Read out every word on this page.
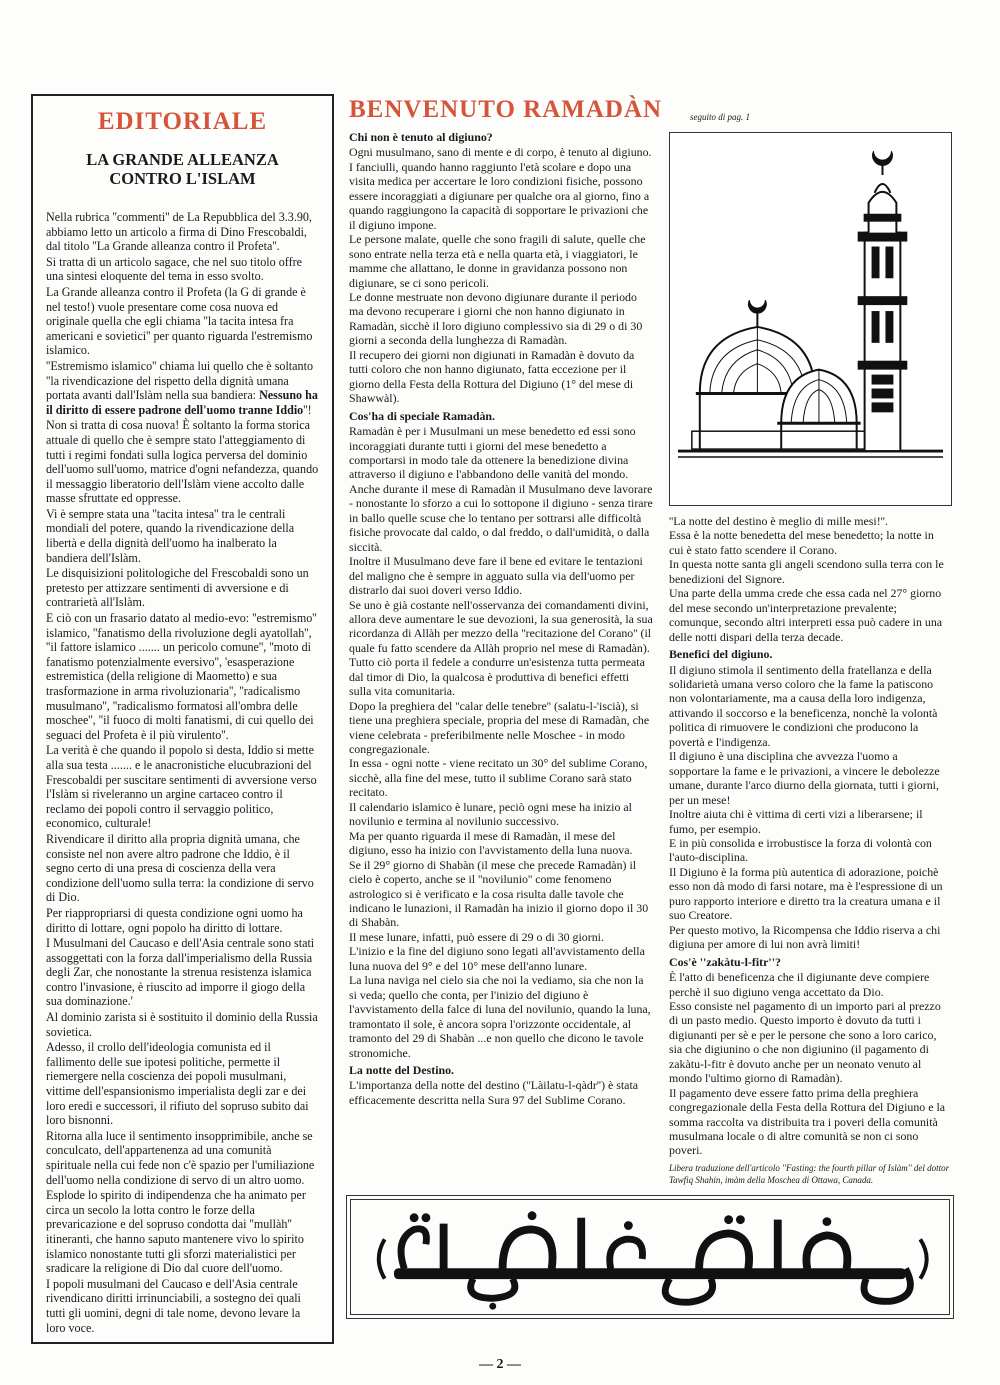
EDITORIALE
LA GRANDE ALLEANZA
CONTRO L'ISLAM

Nella rubrica ''commenti'' de La Repubblica del 3.3.90, abbiamo letto un articolo a firma di Dino Frescobaldi, dal titolo ''La Grande alleanza contro il Profeta''.

Si tratta di un articolo sagace, che nel suo titolo offre una sintesi eloquente del tema in esso svolto.

La Grande alleanza contro il Profeta (la G di grande è nel testo!) vuole presentare come cosa nuova ed originale quella che egli chiama ''la tacita intesa fra americani e sovietici'' per quanto riguarda l'estremismo islamico.

''Estremismo islamico'' chiama lui quello che è soltanto ''la rivendicazione del rispetto della dignità umana portata avanti dall'Islàm nella sua bandiera: Nessuno ha il diritto di essere padrone dell'uomo tranne Iddio''!

Non si tratta di cosa nuova! È soltanto la forma storica attuale di quello che è sempre stato l'atteggiamento di tutti i regimi fondati sulla logica perversa del dominio dell'uomo sull'uomo, matrice d'ogni nefandezza, quando il messaggio liberatorio dell'Islàm viene accolto dalle masse sfruttate ed oppresse.

Vi è sempre stata una ''tacita intesa'' tra le centrali mondiali del potere, quando la rivendicazione della libertà e della dignità dell'uomo ha inalberato la bandiera dell'Islàm.

Le disquisizioni politologiche del Frescobaldi sono un pretesto per attizzare sentimenti di avversione e di contrarietà all'Islàm.

E ciò con un frasario datato al medio-evo: ''estremismo'' islamico, ''fanatismo della rivoluzione degli ayatollah'', ''il fattore islamico ....... un pericolo comune'', ''moto di fanatismo potenzialmente eversivo'', 'esasperazione estremistica (della religione di Maometto) e sua trasformazione in arma rivoluzionaria'', ''radicalismo musulmano'', ''radicalismo formatosi all'ombra delle moschee'', ''il fuoco di molti fanatismi, di cui quello dei seguaci del Profeta è il più virulento''.

La verità è che quando il popolo si desta, Iddio si mette alla sua testa ....... e le anacronistiche elucubrazioni del Frescobaldi per suscitare sentimenti di avversione verso l'Islàm si riveleranno un argine cartaceo contro il reclamo dei popoli contro il servaggio politico, economico, culturale!

Rivendicare il diritto alla propria dignità umana, che consiste nel non avere altro padrone che Iddio, è il segno certo di una presa di coscienza della vera condizione dell'uomo sulla terra: la condizione di servo di Dio.

Per riappropriarsi di questa condizione ogni uomo ha diritto di lottare, ogni popolo ha diritto di lottare.

I Musulmani del Caucaso e dell'Asia centrale sono stati assoggettati con la forza dall'imperialismo della Russia degli Zar, che nonostante la strenua resistenza islamica contro l'invasione, è riuscito ad imporre il giogo della sua dominazione.'

Al dominio zarista si è sostituito il dominio della Russia sovietica.

Adesso, il crollo dell'ideologia comunista ed il fallimento delle sue ipotesi politiche, permette il riemergere nella coscienza dei popoli musulmani, vittime dell'espansionismo imperialista degli zar e dei loro eredi e successori, il rifiuto del sopruso subito dai loro bisnonni.

Ritorna alla luce il sentimento insopprimibile, anche se conculcato, dell'appartenenza ad una comunità spirituale nella cui fede non c'è spazio per l'umiliazione dell'uomo nella condizione di servo di un altro uomo.

Esplode lo spirito di indipendenza che ha animato per circa un secolo la lotta contro le forze della prevaricazione e del sopruso condotta dai ''mullàh'' itineranti, che hanno saputo mantenere vivo lo spirito islamico nonostante tutti gli sforzi materialistici per sradicare la religione di Dio dal cuore dell'uomo.

I popoli musulmani del Caucaso e dell'Asia centrale rivendicano diritti irrinunciabili, a sostegno dei quali tutti gli uomini, degni di tale nome, devono levare la loro voce.

BENVENUTO RAMADÀN	seguito di pag. 1
Chi non è tenuto al digiuno?

Ogni musulmano, sano di mente e di corpo, è tenuto al digiuno.

I fanciulli, quando hanno raggiunto l'età scolare e dopo una visita medica per accertare le loro condizioni fisiche, possono essere incoraggiati a digiunare per qualche ora al giorno, fino a quando raggiungono la capacità di sopportare le privazioni che il digiuno impone.

Le persone malate, quelle che sono fragili di salute, quelle che sono entrate nella terza età e nella quarta età, i viaggiatori, le mamme che allattano, le donne in gravidanza possono non digiunare, se ci sono pericoli.

Le donne mestruate non devono digiunare durante il periodo ma devono recuperare i giorni che non hanno digiunato in Ramadàn, sicchè il loro digiuno complessivo sia di 29 o di 30 giorni a seconda della lunghezza di Ramadàn.

Il recupero dei giorni non digiunati in Ramadàn è dovuto da tutti coloro che non hanno digiunato, fatta eccezione per il giorno della Festa della Rottura del Digiuno (1° del mese di Shawwàl).

Cos'ha di speciale Ramadàn.

Ramadàn è per i Musulmani un mese benedetto ed essi sono incoraggiati durante tutti i giorni del mese benedetto a comportarsi in modo tale da ottenere la benedizione divina attraverso il digiuno e l'abbandono delle vanità del mondo.

Anche durante il mese di Ramadàn il Musulmano deve lavorare - nonostante lo sforzo a cui lo sottopone il digiuno - senza tirare in ballo quelle scuse che lo tentano per sottrarsi alle difficoltà fisiche provocate dal caldo, o dal freddo, o dall'umidità, o dalla siccità.

Inoltre il Musulmano deve fare il bene ed evitare le tentazioni del maligno che è sempre in agguato sulla via dell'uomo per distrarlo dai suoi doveri verso Iddio.

Se uno è già costante nell'osservanza dei comandamenti divini, allora deve aumentare le sue devozioni, la sua generosità, la sua ricordanza di Allàh per mezzo della ''recitazione del Corano'' (il quale fu fatto scendere da Allàh proprio nel mese di Ramadàn).

Tutto ciò porta il fedele a condurre un'esistenza tutta permeata dal timor di Dio, la qualcosa è produttiva di benefici effetti sulla vita comunitaria.

Dopo la preghiera del ''calar delle tenebre'' (salatu-l-'iscià), si tiene una preghiera speciale, propria del mese di Ramadàn, che viene celebrata - preferibilmente nelle Moschee - in modo congregazionale.

In essa - ogni notte - viene recitato un 30° del sublime Corano, sicchè, alla fine del mese, tutto il sublime Corano sarà stato recitato.

Il calendario islamico è lunare, peciò ogni mese ha inizio al novilunio e termina al novilunio successivo.

Ma per quanto riguarda il mese di Ramadàn, il mese del digiuno, esso ha inizio con l'avvistamento della luna nuova.

Se il 29° giorno di Shabàn (il mese che precede Ramadàn) il cielo è coperto, anche se il ''novilunio'' come fenomeno astrologico si è verificato e la cosa risulta dalle tavole che indicano le lunazioni, il Ramadàn ha inizio il giorno dopo il 30 di Shabàn.

Il mese lunare, infatti, può essere di 29 o di 30 giorni.

L'inizio e la fine del digiuno sono legati all'avvistamento della luna nuova del 9° e del 10° mese dell'anno lunare.

La luna naviga nel cielo sia che noi la vediamo, sia che non la si veda; quello che conta, per l'inizio del digiuno è l'avvistamento della falce di luna del novilunio, quando la luna, tramontato il sole, è ancora sopra l'orizzonte occidentale, al tramonto del 29 di Shabàn ...e non quello che dicono le tavole stronomiche.

La notte del Destino.

L'importanza della notte del destino (''Làilatu-l-qàdr'') è stata efficacemente descritta nella Sura 97 del Sublime Corano.

''La notte del destino è meglio di mille mesi!''.

Essa è la notte benedetta del mese benedetto; la notte in cui è stato fatto scendere il Corano.

In questa notte santa gli angeli scendono sulla terra con le benedizioni del Signore.

Una parte della umma crede che essa cada nel 27° giorno del mese secondo un'interpretazione prevalente; comunque, secondo altri interpreti essa può cadere in una delle notti dispari della terza decade.

Benefici del digiuno.

Il digiuno stimola il sentimento della fratellanza e della solidarietà umana verso coloro che la fame la patiscono non volontariamente, ma a causa della loro indigenza, attivando il soccorso e la beneficenza, nonchè la volontà politica di rimuovere le condizioni che producono la povertà e l'indigenza.

Il digiuno è una disciplina che avvezza l'uomo a sopportare la fame e le privazioni, a vincere le debolezze umane, durante l'arco diurno della giornata, tutti i giorni, per un mese!

Inoltre aiuta chi è vittima di certi vizi a liberarsene; il fumo, per esempio.

E in più consolida e irrobustisce la forza di volontà con l'auto-disciplina.

Il Digiuno è la forma più autentica di adorazione, poichè esso non dà modo di farsi notare, ma è l'espressione di un puro rapporto interiore e diretto tra la creatura umana e il suo Creatore.

Per questo motivo, la Ricompensa che Iddio riserva a chi digiuna per amore di lui non avrà limiti!

Cos'è ''zakàtu-l-fitr''?

È l'atto di beneficenza che il digiunante deve compiere perchè il suo digiuno venga accettato da Dio.

Esso consiste nel pagamento di un importo pari al prezzo di un pasto medio. Questo importo è dovuto da tutti i digiunanti per sè e per le persone che sono a loro carico, sia che digiunino o che non digiunino (il pagamento di zakàtu-l-fitr è dovuto anche per un neonato venuto al mondo l'ultimo giorno di Ramadàn).

Il pagamento deve essere fatto prima della preghiera congregazionale della Festa della Rottura del Digiuno e la somma raccolta va distribuita tra i poveri della comunità musulmana locale o di altre comunità se non ci sono poveri.

Libera traduzione dell'articolo ''Fasting: the fourth pillar of Islàm'' del dottor Tawfiq Shahin, imàm della Moschea di Ottawa, Canada.
— 2 —
